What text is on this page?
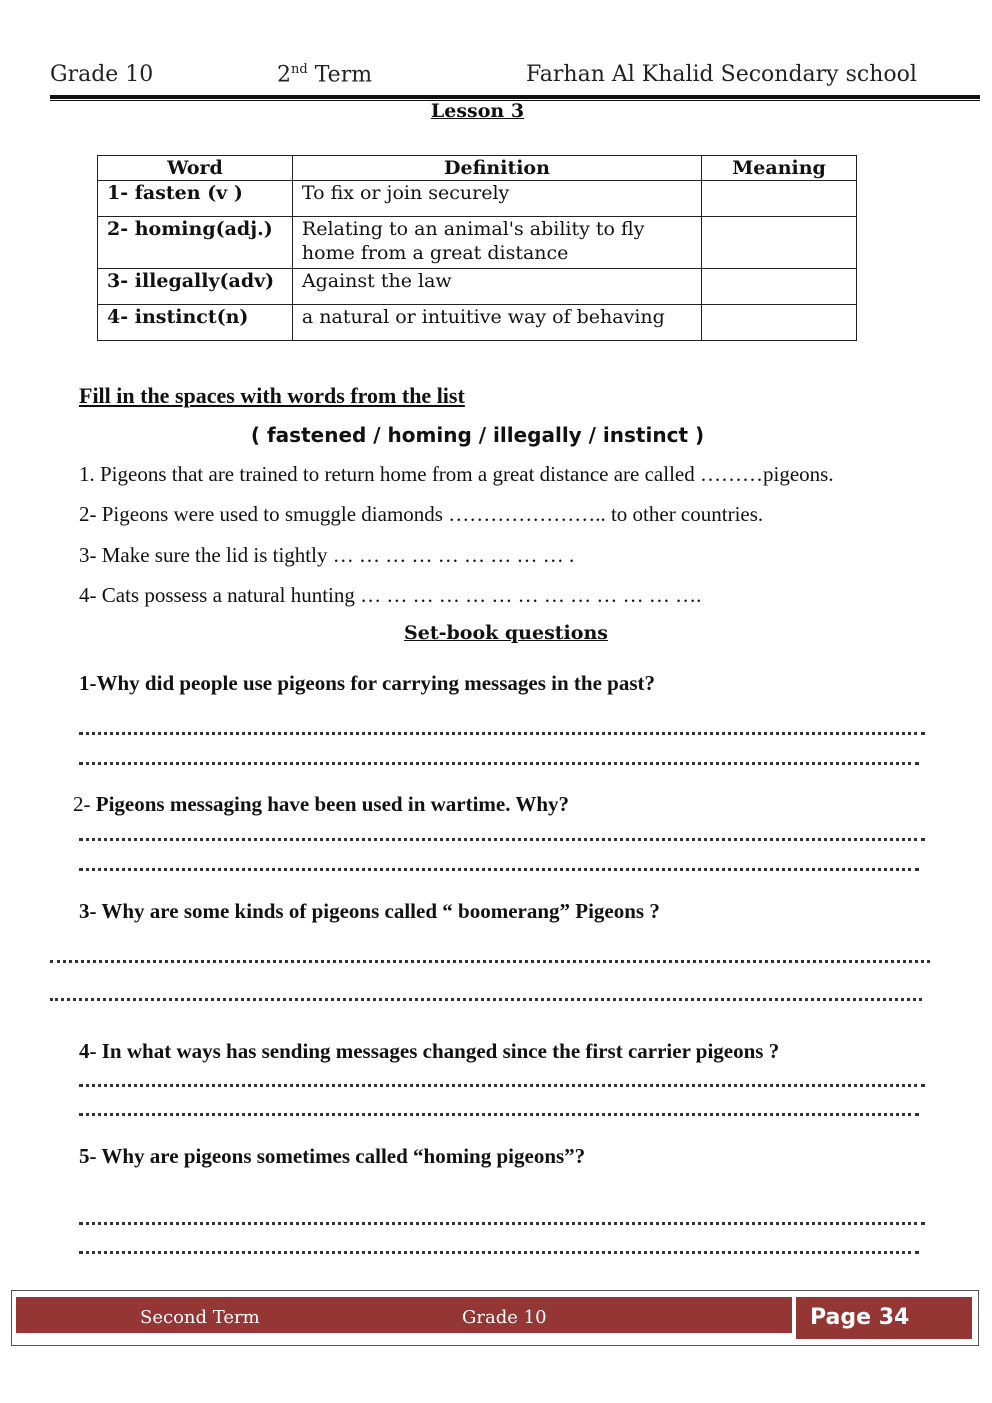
Grade 10	2nd Term	Farhan Al Khalid Secondary school
Lesson 3
Word	Definition	Meaning
1- fasten (v )	To fix or join securely	
2- homing(adj.)	Relating to an animal's ability to fly home from a great distance	
3- illegally(adv)	Against the law	
4- instinct(n)	a natural or intuitive way of behaving	
Fill in the spaces with words from the list
( fastened / homing / illegally / instinct )
1. Pigeons that are trained to return home from a great distance are called ………pigeons.
2- Pigeons were used to smuggle diamonds ………………….. to other countries.
3- Make sure the lid is tightly … … … … … … … … … .
4- Cats possess a natural hunting … … … … … … … … … … … … ….
Set-book questions
1-Why did people use pigeons for carrying messages in the past?
2- Pigeons messaging have been used in wartime. Why?
3- Why are some kinds of pigeons called “ boomerang” Pigeons ?
4- In what ways has sending messages changed since the first carrier pigeons ?
5- Why are pigeons sometimes called “homing pigeons”?
Second Term	Grade 10	Page 34
